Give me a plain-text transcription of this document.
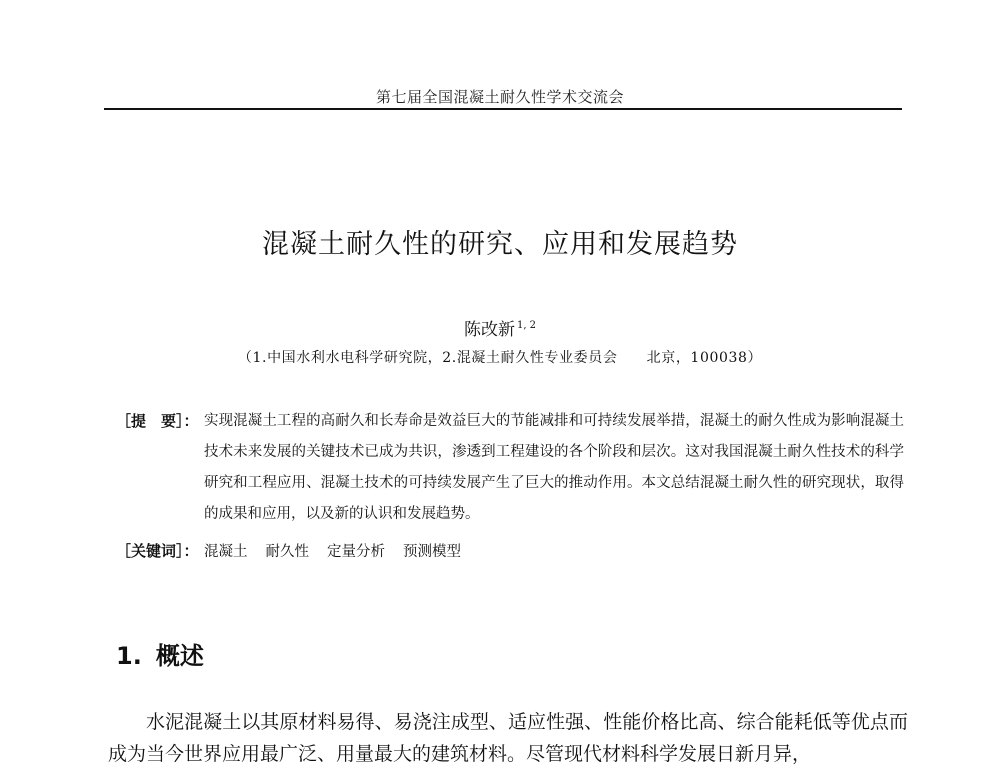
第七届全国混凝土耐久性学术交流会
混凝土耐久性的研究、应用和发展趋势
陈改新 $^{1, 2}$
（1.中国水利水电科学研究院，2.混凝土耐久性专业委员会　　北京，100038）
［提　要］： 实现混凝土工程的高耐久和长寿命是效益巨大的节能减排和可持续发展举措，混凝土的耐久性成为影响混凝土技术未来发展的关键技术已成为共识，渗透到工程建设的各个阶段和层次。这对我国混凝土耐久性技术的科学研究和工程应用、混凝土技术的可持续发展产生了巨大的推动作用。本文总结混凝土耐久性的研究现状，取得的成果和应用，以及新的认识和发展趋势。
［关键词］： 混凝土 耐久性 定量分析 预测模型
1. 概述
水泥混凝土以其原材料易得、易浇注成型、适应性强、性能价格比高、综合能耗低等优点而成为当今世界应用最广泛、用量最大的建筑材料。尽管现代材料科学发展日新月异，
